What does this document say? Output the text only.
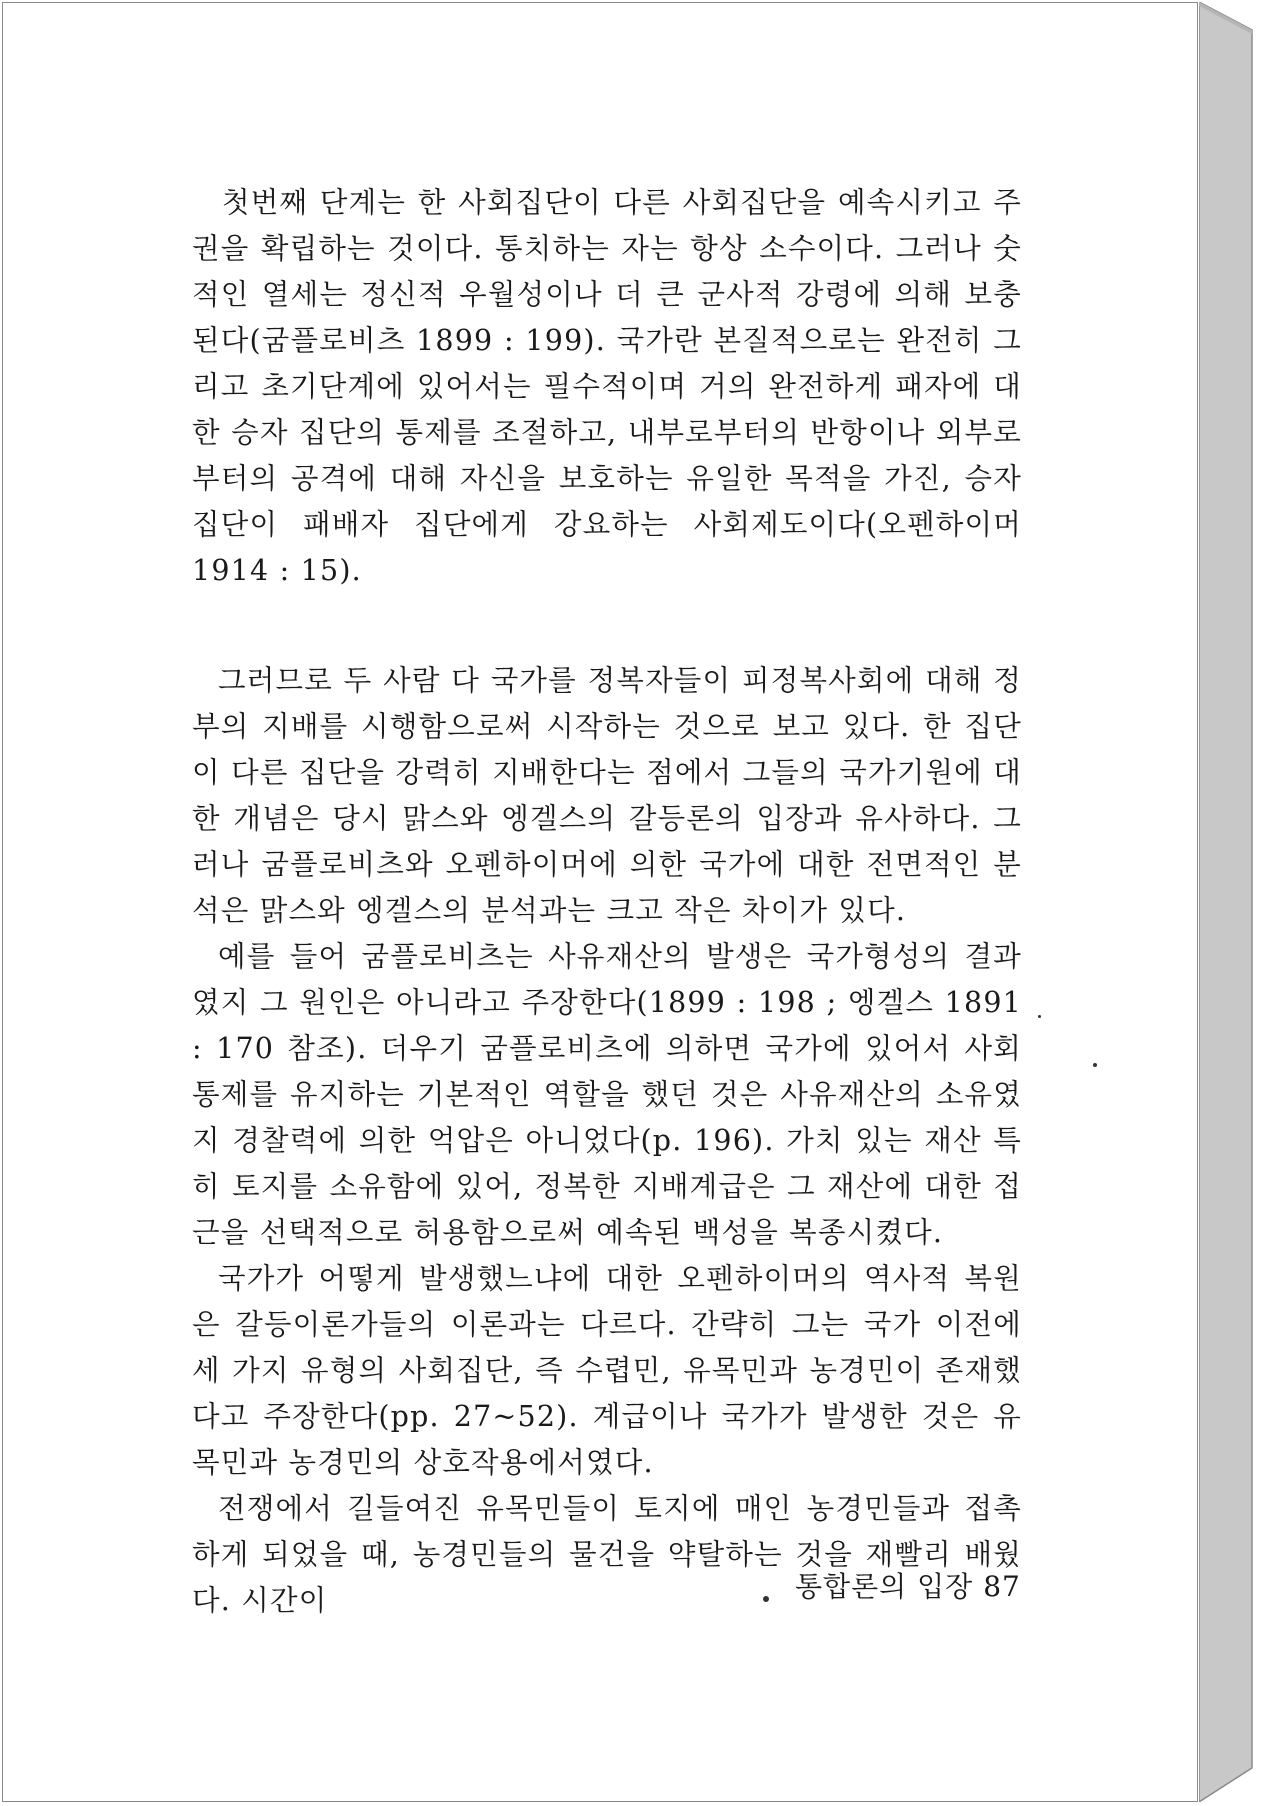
첫번째 단계는 한 사회집단이 다른 사회집단을 예속시키고 주권을 확립하는 것이다. 통치하는 자는 항상 소수이다. 그러나 숫적인 열세는 정신적 우월성이나 더 큰 군사적 강령에 의해 보충된다(굼플로비츠 1899 : 199). 국가란 본질적으로는 완전히 그리고 초기단계에 있어서는 필수적이며 거의 완전하게 패자에 대한 승자 집단의 통제를 조절하고, 내부로부터의 반항이나 외부로부터의 공격에 대해 자신을 보호하는 유일한 목적을 가진, 승자집단이 패배자 집단에게 강요하는 사회제도이다(오펜하이머 1914 : 15).

그러므로 두 사람 다 국가를 정복자들이 피정복사회에 대해 정부의 지배를 시행함으로써 시작하는 것으로 보고 있다. 한 집단이 다른 집단을 강력히 지배한다는 점에서 그들의 국가기원에 대한 개념은 당시 맑스와 엥겔스의 갈등론의 입장과 유사하다. 그러나 굼플로비츠와 오펜하이머에 의한 국가에 대한 전면적인 분석은 맑스와 엥겔스의 분석과는 크고 작은 차이가 있다.

예를 들어 굼플로비츠는 사유재산의 발생은 국가형성의 결과였지 그 원인은 아니라고 주장한다(1899 : 198 ; 엥겔스 1891 : 170 참조). 더우기 굼플로비츠에 의하면 국가에 있어서 사회통제를 유지하는 기본적인 역할을 했던 것은 사유재산의 소유였지 경찰력에 의한 억압은 아니었다(p. 196). 가치 있는 재산 특히 토지를 소유함에 있어, 정복한 지배계급은 그 재산에 대한 접근을 선택적으로 허용함으로써 예속된 백성을 복종시켰다.

국가가 어떻게 발생했느냐에 대한 오펜하이머의 역사적 복원은 갈등이론가들의 이론과는 다르다. 간략히 그는 국가 이전에 세 가지 유형의 사회집단, 즉 수렵민, 유목민과 농경민이 존재했다고 주장한다(pp. 27~52). 계급이나 국가가 발생한 것은 유목민과 농경민의 상호작용에서였다.

전쟁에서 길들여진 유목민들이 토지에 매인 농경민들과 접촉하게 되었을 때, 농경민들의 물건을 약탈하는 것을 재빨리 배웠다. 시간이	통합론의 입장 87
